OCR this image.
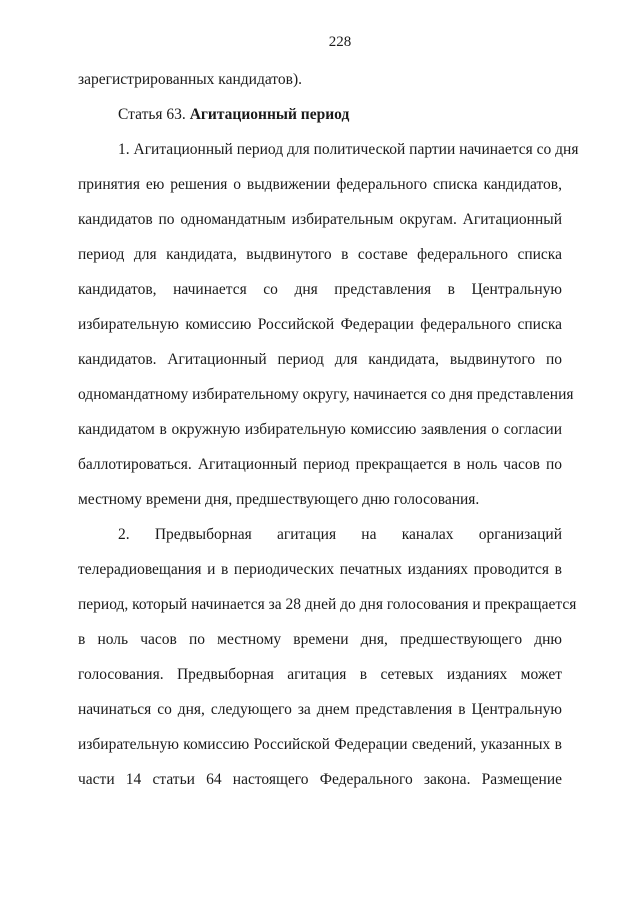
228
зарегистрированных кандидатов).
Статья 63. Агитационный период
1. Агитационный период для политической партии начинается со дня
принятия ею решения о выдвижении федерального списка кандидатов,
кандидатов по одномандатным избирательным округам. Агитационный
период для кандидата, выдвинутого в составе федерального списка
кандидатов, начинается со дня представления в Центральную
избирательную комиссию Российской Федерации федерального списка
кандидатов. Агитационный период для кандидата, выдвинутого по
одномандатному избирательному округу, начинается со дня представления
кандидатом в окружную избирательную комиссию заявления о согласии
баллотироваться. Агитационный период прекращается в ноль часов по
местному времени дня, предшествующего дню голосования.
2. Предвыборная агитация на каналах организаций
телерадиовещания и в периодических печатных изданиях проводится в
период, который начинается за 28 дней до дня голосования и прекращается
в ноль часов по местному времени дня, предшествующего дню
голосования. Предвыборная агитация в сетевых изданиях может
начинаться со дня, следующего за днем представления в Центральную
избирательную комиссию Российской Федерации сведений, указанных в
части 14 статьи 64 настоящего Федерального закона. Размещение
